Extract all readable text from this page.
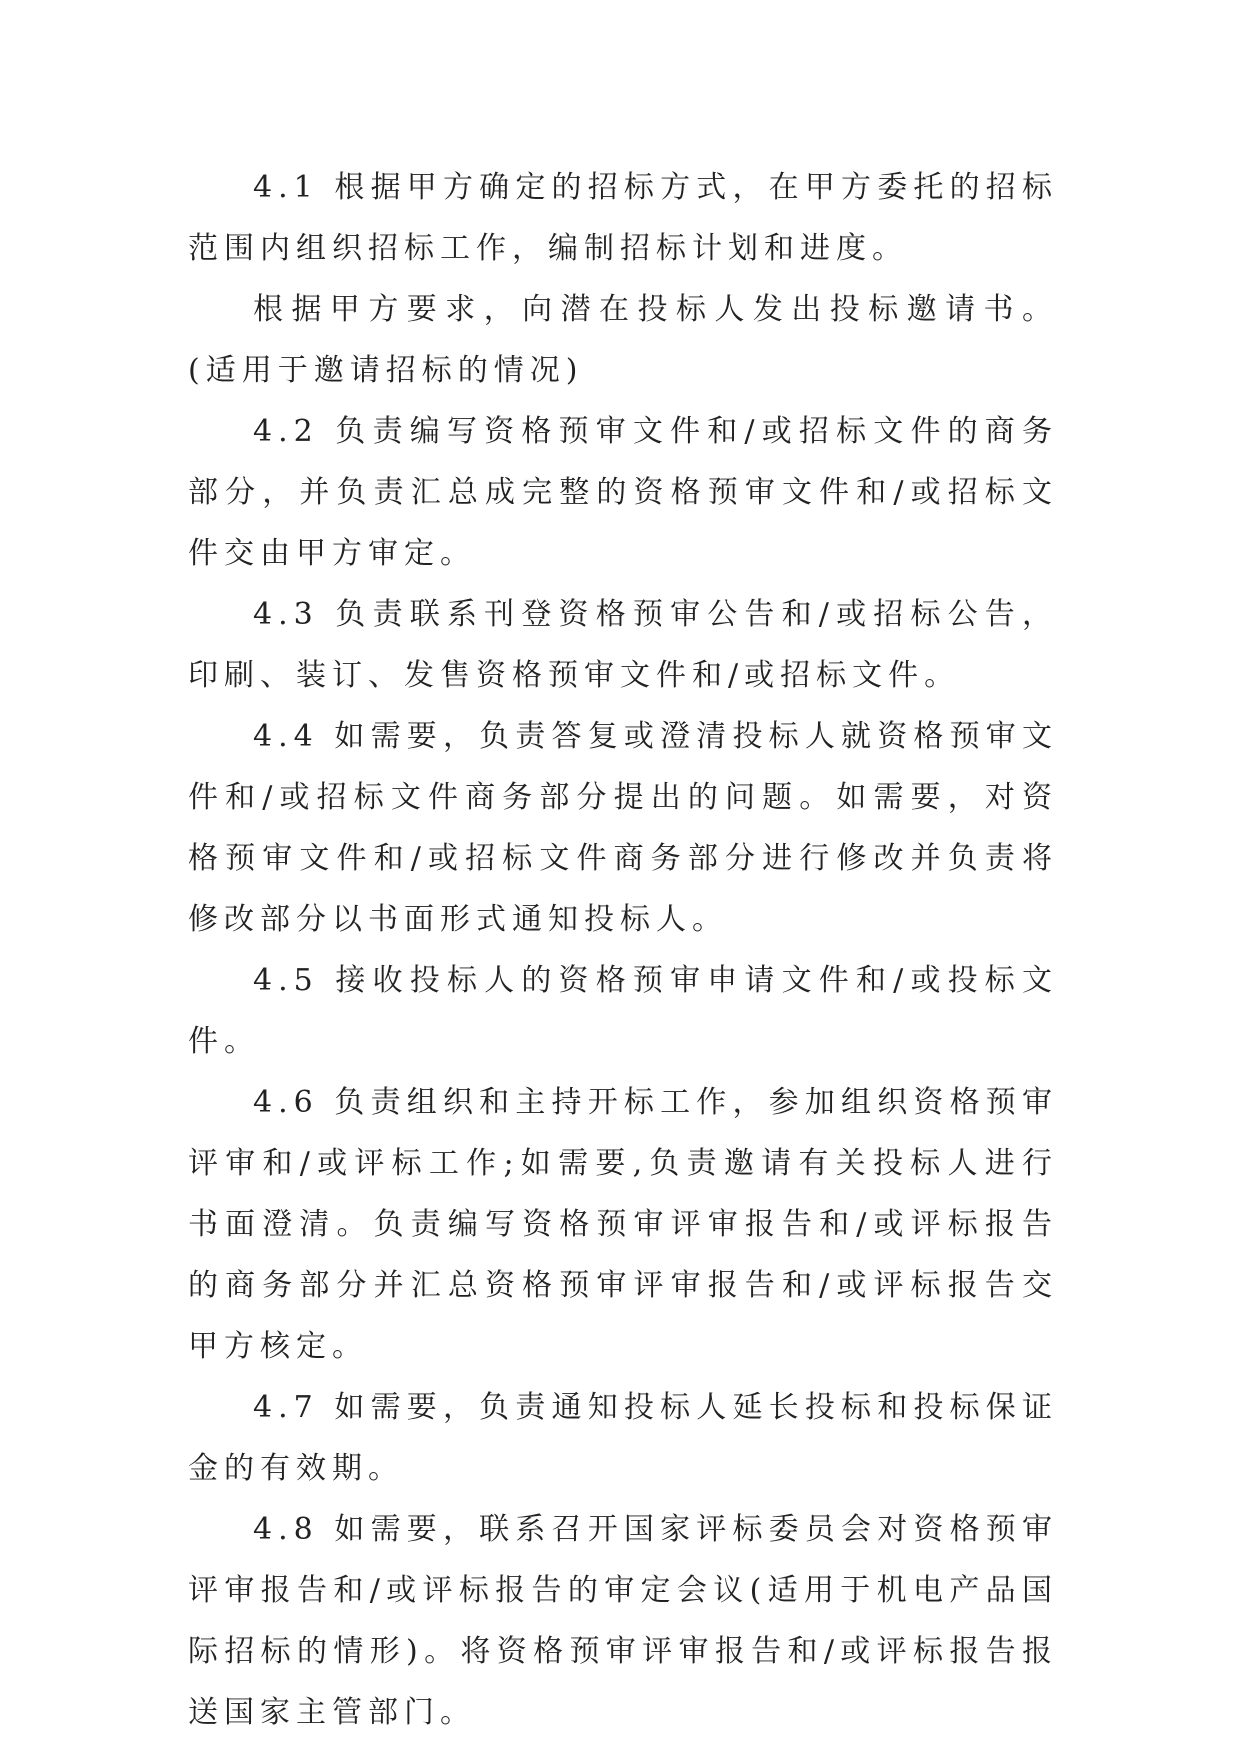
4.1 根据甲方确定的招标方式，在甲方委托的招标范围内组织招标工作，编制招标计划和进度。

根据甲方要求，向潜在投标人发出投标邀请书。(适用于邀请招标的情况)

4.2 负责编写资格预审文件和/或招标文件的商务部分，并负责汇总成完整的资格预审文件和/或招标文件交由甲方审定。

4.3 负责联系刊登资格预审公告和/或招标公告，印刷、装订、发售资格预审文件和/或招标文件。

4.4 如需要，负责答复或澄清投标人就资格预审文件和/或招标文件商务部分提出的问题。如需要，对资格预审文件和/或招标文件商务部分进行修改并负责将修改部分以书面形式通知投标人。

4.5 接收投标人的资格预审申请文件和/或投标文件。

4.6 负责组织和主持开标工作，参加组织资格预审评审和/或评标工作;如需要,负责邀请有关投标人进行书面澄清。负责编写资格预审评审报告和/或评标报告的商务部分并汇总资格预审评审报告和/或评标报告交甲方核定。

4.7 如需要，负责通知投标人延长投标和投标保证金的有效期。

4.8 如需要，联系召开国家评标委员会对资格预审评审报告和/或评标报告的审定会议(适用于机电产品国际招标的情形)。将资格预审评审报告和/或评标报告报送国家主管部门。
